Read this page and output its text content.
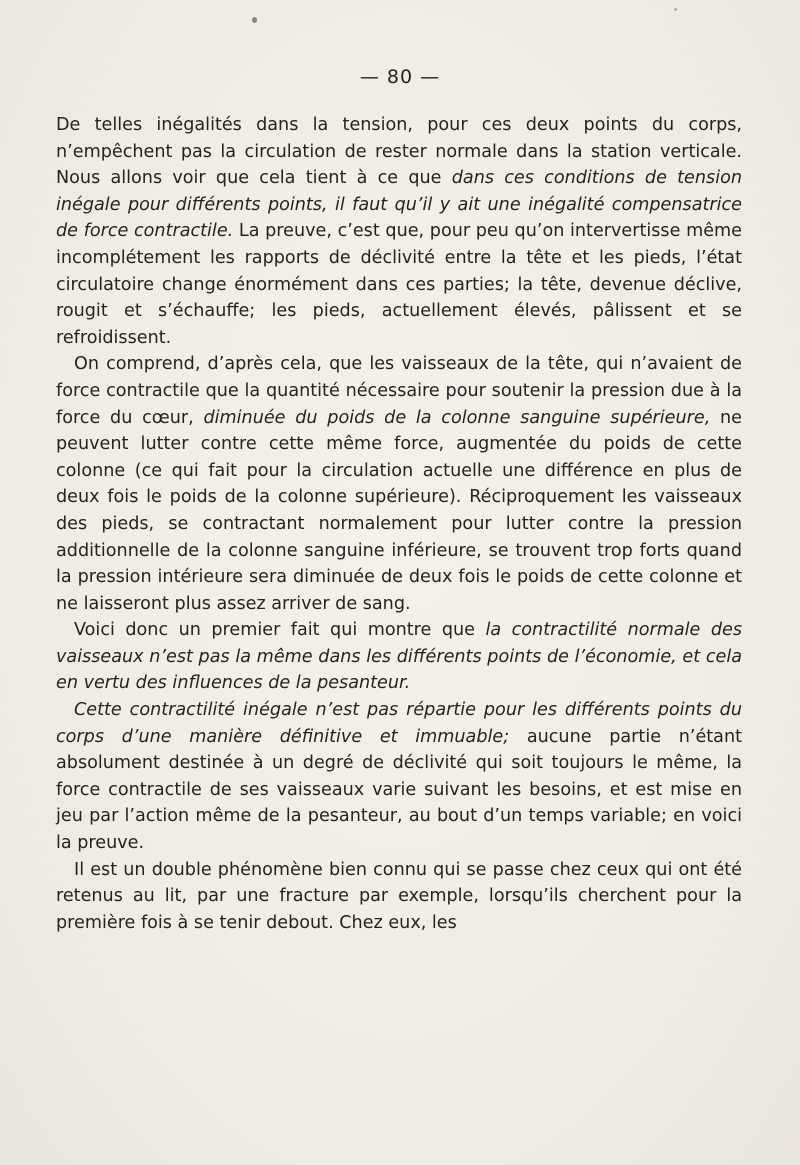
— 80 —

De telles inégalités dans la tension, pour ces deux points du corps, n’empêchent pas la circulation de rester normale dans la station verticale. Nous allons voir que cela tient à ce que dans ces conditions de tension inégale pour différents points, il faut qu’il y ait une inégalité compensatrice de force contractile. La preuve, c’est que, pour peu qu’on intervertisse même incomplétement les rapports de déclivité entre la tête et les pieds, l’état circulatoire change énormément dans ces parties; la tête, devenue déclive, rougit et s’échauffe; les pieds, actuellement élevés, pâlissent et se refroidissent.

On comprend, d’après cela, que les vaisseaux de la tête, qui n’avaient de force contractile que la quantité nécessaire pour soutenir la pression due à la force du cœur, diminuée du poids de la colonne sanguine supérieure, ne peuvent lutter contre cette même force, augmentée du poids de cette colonne (ce qui fait pour la circulation actuelle une différence en plus de deux fois le poids de la colonne supérieure). Réciproquement les vaisseaux des pieds, se contractant normalement pour lutter contre la pression additionnelle de la colonne sanguine inférieure, se trouvent trop forts quand la pression intérieure sera diminuée de deux fois le poids de cette colonne et ne laisseront plus assez arriver de sang.

Voici donc un premier fait qui montre que la contractilité normale des vaisseaux n’est pas la même dans les différents points de l’économie, et cela en vertu des influences de la pesanteur.

Cette contractilité inégale n’est pas répartie pour les différents points du corps d’une manière définitive et immuable; aucune partie n’étant absolument destinée à un degré de déclivité qui soit toujours le même, la force contractile de ses vaisseaux varie suivant les besoins, et est mise en jeu par l’action même de la pesanteur, au bout d’un temps variable; en voici la preuve.

Il est un double phénomène bien connu qui se passe chez ceux qui ont été retenus au lit, par une fracture par exemple, lorsqu’ils cherchent pour la première fois à se tenir debout. Chez eux, les
